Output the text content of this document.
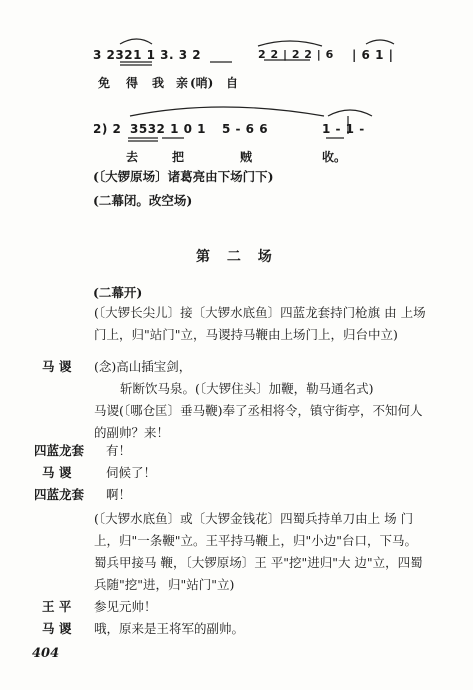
3 2321 1 3. 3 2	2 2 | 2 2 | 6 | 6 1 |
免 得 我 亲 (哨) 自
2) 2 3532 1 0 1 5 - 6 6	1 - 1 -
去	把	贼	收。
(〔大锣原场〕诸葛亮由下场门下)
(二幕闭。改空场)
第 二 场
(二幕开)
(〔大锣长尖儿〕接〔大锣水底鱼〕四蓝龙套持门枪旗 由 上场门上，归"站门"立，马谡持马鞭由上场门上，归台中立)
马 谡 (念)高山插宝剑，
斩断饮马泉。(〔大锣住头〕加鞭，勒马通名式)
马谡(〔哪仓匡〕垂马鞭)奉了丞相将令，镇守街亭，不知何人的副帅？来！
四蓝龙套 有！
马 谡	伺候了！
四蓝龙套 啊！
(〔大锣水底鱼〕或〔大锣金钱花〕四蜀兵持单刀由上 场 门上，归"一条鞭"立。王平持马鞭上，归"小边"台口，下马。蜀兵甲接马 鞭，〔大锣原场〕王 平"挖"进归"大 边"立，四蜀兵随"挖"进，归"站门"立)
王 平 参见元帅！
马 谡 哦，原来是王将军的副帅。
404
